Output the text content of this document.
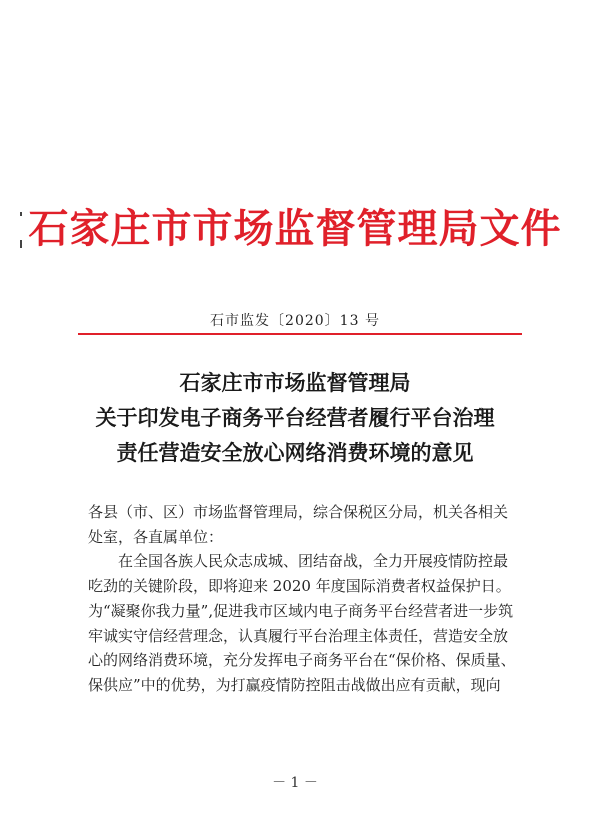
石家庄市市场监督管理局文件
石市监发〔2020〕13 号
石家庄市市场监督管理局
关于印发电子商务平台经营者履行平台治理
责任营造安全放心网络消费环境的意见

各县（市、区）市场监督管理局，综合保税区分局，机关各相关处室，各直属单位：

在全国各族人民众志成城、团结奋战，全力开展疫情防控最吃劲的关键阶段，即将迎来 2020 年度国际消费者权益保护日。为“凝聚你我力量”,促进我市区域内电子商务平台经营者进一步筑牢诚实守信经营理念，认真履行平台治理主体责任，营造安全放心的网络消费环境，充分发挥电子商务平台在“保价格、保质量、保供应”中的优势，为打赢疫情防控阻击战做出应有贡献，现向

－ 1 －
